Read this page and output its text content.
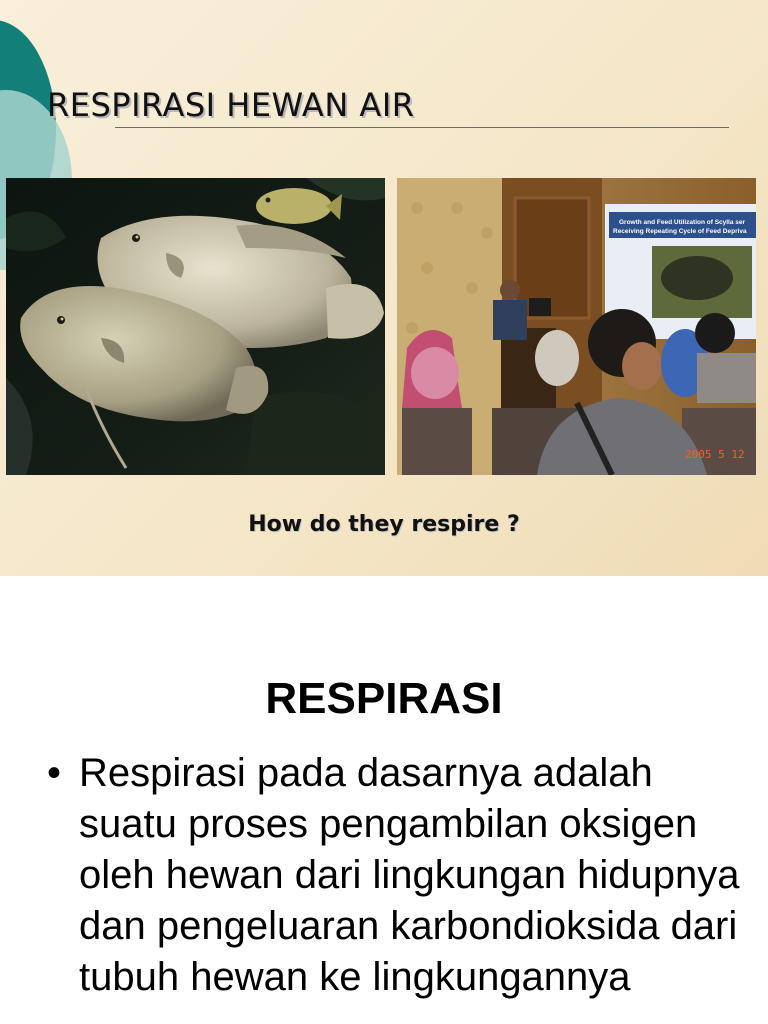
RESPIRASI HEWAN AIR
Growth and Feed Utilization of Scylla ser
Receiving Repeating Cycle of Feed Depriva
2005 5 12
How do they respire ?
RESPIRASI
• Respirasi pada dasarnya adalah suatu proses pengambilan oksigen oleh hewan dari lingkungan hidupnya dan pengeluaran karbondioksida dari tubuh hewan ke lingkungannya
